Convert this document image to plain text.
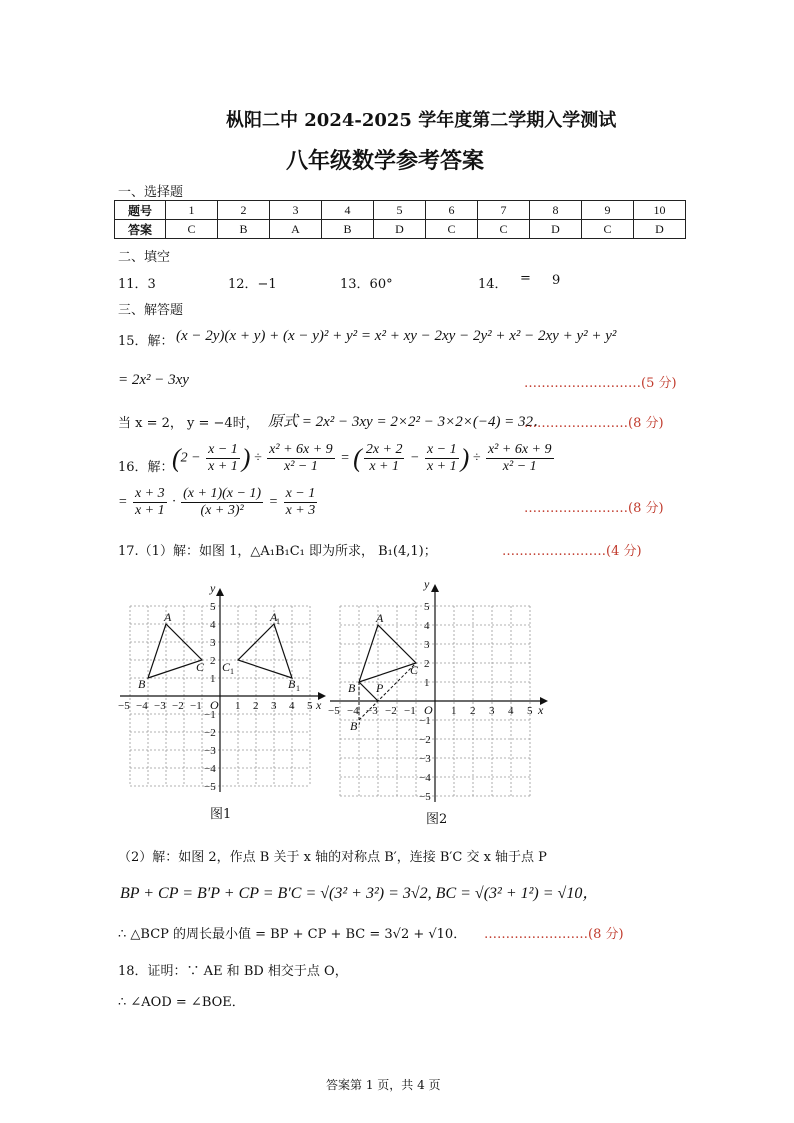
枞阳二中 2024-2025 学年度第二学期入学测试
八年级数学参考答案
一、选择题
题号	1	2	3	4	5	6	7	8	9	10
答案	C	B	A	B	D	C	C	D	C	D
二、填空
11．3	12．−1	13．60°	14． = 9
三、解答题
15．解： (x − 2y)(x + y) + (x − y)² + y² = x² + xy − 2xy − 2y² + x² − 2xy + y² + y²
= 2x² − 3xy	………………………(5 分)
当 x = 2， y = −4时， 原式 = 2x² − 3xy = 2×2² − 3×2×(−4) = 32．
……………………(8 分)
16．解：
($2 - \frac{x - 1}{x + 1}$ ) ÷ $\frac{\text{x² + 6x + 9}}{\text{x² − 1}}$ = ( $\frac{2x + 2}{x + 1} - \frac{x - 1}{x + 1}$ ) ÷ $\frac{\text{x² + 6x + 9}}{\text{x² − 1}}$
= $\frac{x + 3}{x + 1} \cdot \frac{(x + 1)(x - 1)}{\text{(x + 3)²}} = \frac{x - 1}{x + 3}$	……………………(8 分)
17.（1）解：如图 1，△A₁B₁C₁ 即为所求， B₁(4,1)；	……………………(4 分)
A
B
C
A
1
B 1
C 1
O	x
y
−5 −4 −3 −2 −1	1 2 3 4 5
5
4
3
2
1
−1
−2
−3
−4
−5
图1
A
B
C
P
B′
O	x
y
−5 −4 −3 −2 −1	1 2 3 4 5
5
4
3
2
1
−1
−2
−3
−4
−5
图2
（2）解：如图 2，作点 B 关于 x 轴的对称点 B′，连接 B′C 交 x 轴于点 P
BP + CP = B′P + CP = B′C = √(3² + 3²) = 3√2, BC = √(3² + 1²) = √10，
∴ △BCP 的周长最小值 = BP + CP + BC = 3√2 + √10． ……………………(8 分)
18．证明：∵ AE 和 BD 相交于点 O，
∴ ∠AOD = ∠BOE．
答案第 1 页，共 4 页
